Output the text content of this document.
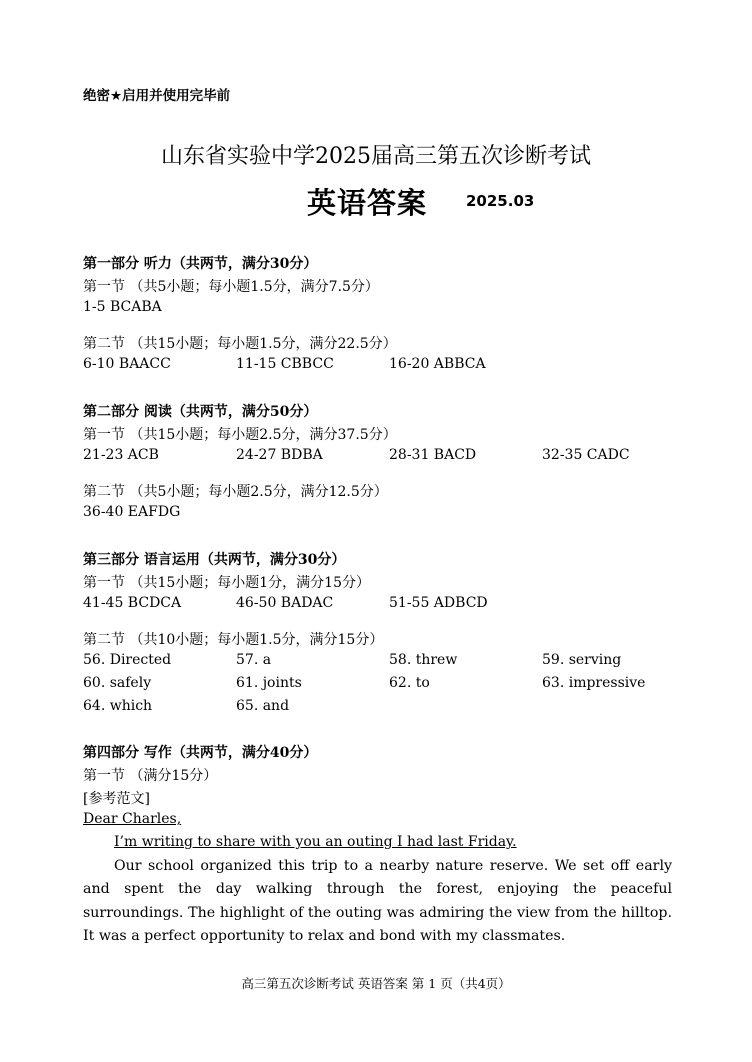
绝密★启用并使用完毕前
山东省实验中学2025届高三第五次诊断考试
英语答案	2025.03
第一部分 听力（共两节，满分30分）
第一节 （共5小题；每小题1.5分，满分7.5分）
1-5 BCABA
第二节 （共15小题；每小题1.5分，满分22.5分）
6-10 BAACC	11-15 CBBCC	16-20 ABBCA
第二部分 阅读（共两节，满分50分）
第一节 （共15小题；每小题2.5分，满分37.5分）
21-23 ACB	24-27 BDBA	28-31 BACD	32-35 CADC
第二节 （共5小题；每小题2.5分，满分12.5分）
36-40 EAFDG
第三部分 语言运用（共两节，满分30分）
第一节 （共15小题；每小题1分，满分15分）
41-45 BCDCA	46-50 BADAC	51-55 ADBCD
第二节 （共10小题；每小题1.5分，满分15分）
56. Directed	57. a	58. threw	59. serving
60. safely	61. joints	62. to	63. impressive
64. which	65. and
第四部分 写作（共两节，满分40分）
第一节 （满分15分）
[参考范文]
Dear Charles,
I’m writing to share with you an outing I had last Friday.
Our school organized this trip to a nearby nature reserve. We set off early and spent the day walking through the forest, enjoying the peaceful surroundings. The highlight of the outing was admiring the view from the hilltop. It was a perfect opportunity to relax and bond with my classmates.
高三第五次诊断考试 英语答案 第 1 页（共4页）
